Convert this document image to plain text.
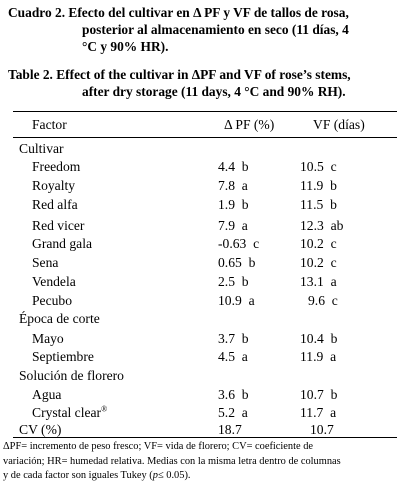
Cuadro 2. Efecto del cultivar en Δ PF y VF de tallos de rosa,
posterior al almacenamiento en seco (11 días, 4
°C y 90% HR).
Table 2. Effect of the cultivar in ΔPF and VF of rose’s stems,
after dry storage (11 days, 4 °C and 90% RH).
Factor	Δ PF (%)	VF (días)
Cultivar
Freedom	4.4  b	10.5  c
Royalty	7.8  a	11.9  b
Red alfa	1.9  b	11.5  b
Red vicer	7.9  a	12.3  ab
Grand gala	-0.63  c	10.2  c
Sena	0.65  b	10.2  c
Vendela	2.5  b	13.1  a
Pecubo	10.9  a	9.6  c
Época de corte
Mayo	3.7  b	10.4  b
Septiembre	4.5  a	11.9  a
Solución de florero
Agua	3.6  b	10.7  b
Crystal clear®	5.2  a	11.7  a
CV (%)	18.7	10.7
ΔPF= incremento de peso fresco; VF= vida de florero; CV= coeficiente de
variación; HR= humedad relativa. Medias con la misma letra dentro de columnas
y de cada factor son iguales Tukey (p≤ 0.05).
